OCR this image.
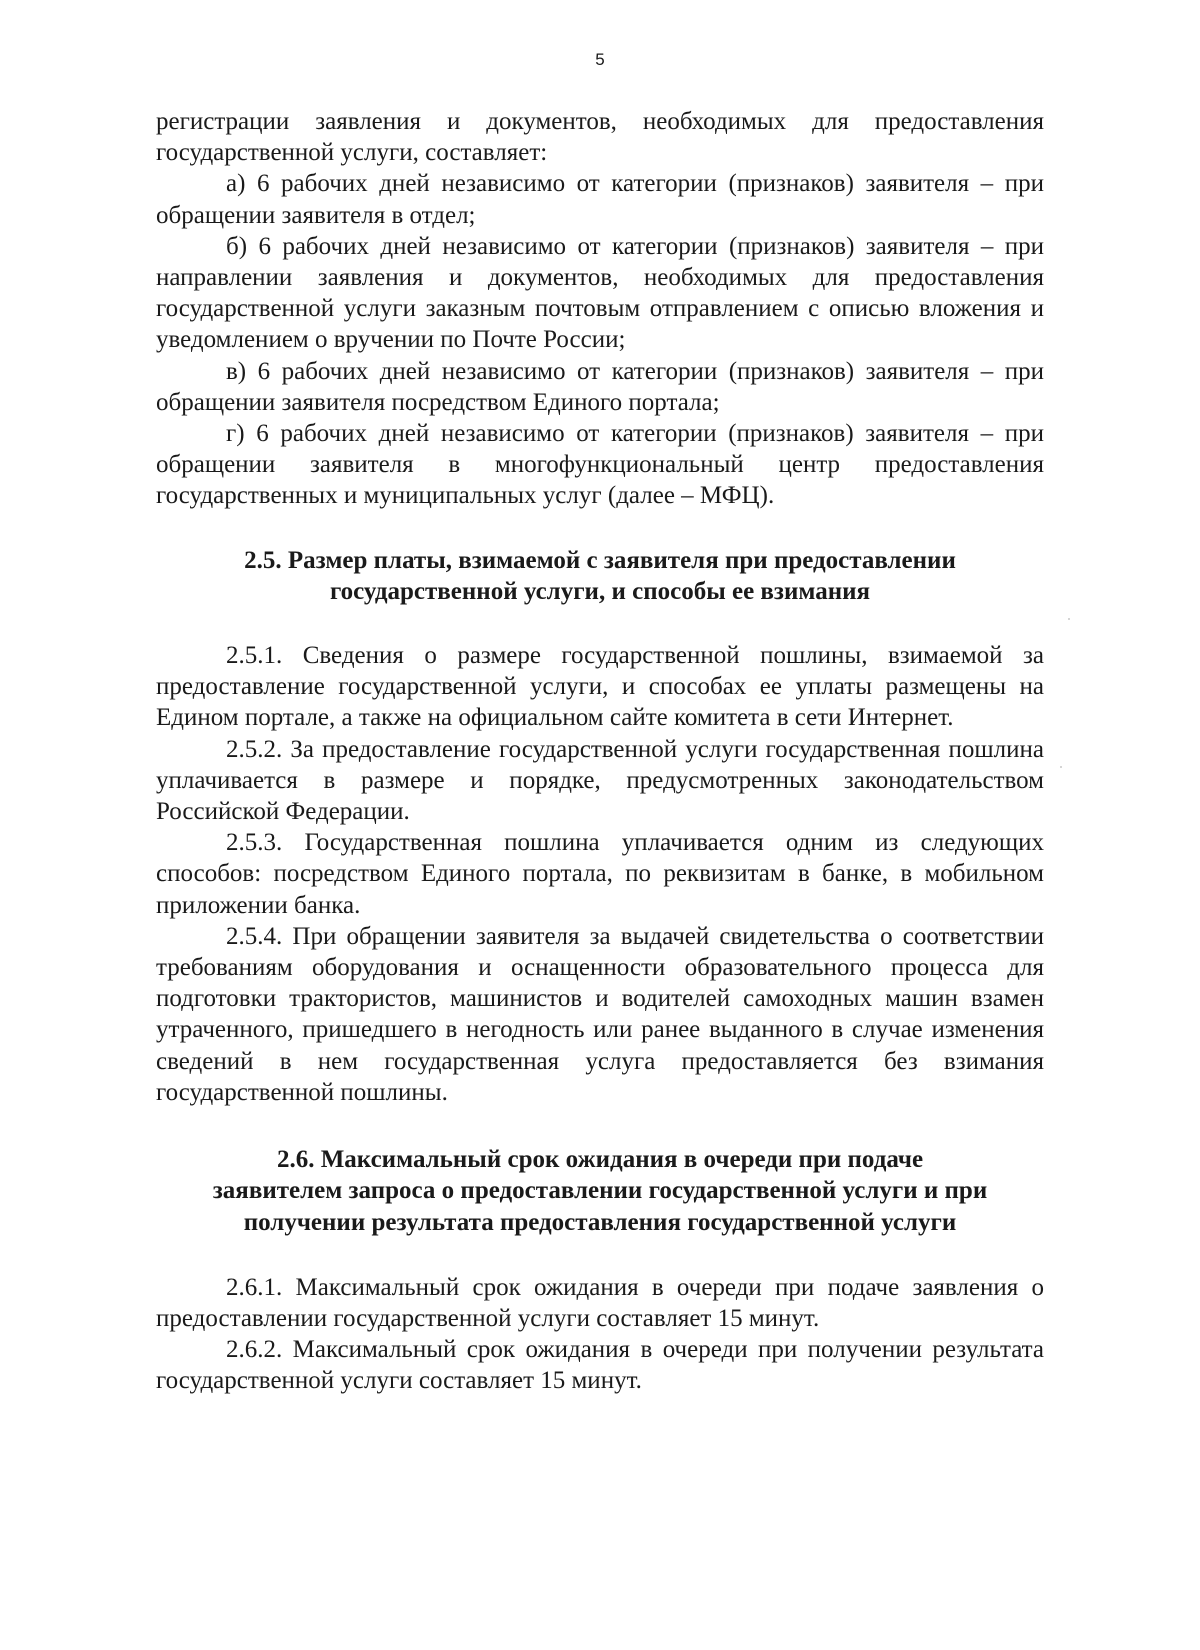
5

регистрации заявления и документов, необходимых для предоставления государственной услуги, составляет:

а) 6 рабочих дней независимо от категории (признаков) заявителя – при обращении заявителя в отдел;

б) 6 рабочих дней независимо от категории (признаков) заявителя – при направлении заявления и документов, необходимых для предоставления государственной услуги заказным почтовым отправлением с описью вложения и уведомлением о вручении по Почте России;

в) 6 рабочих дней независимо от категории (признаков) заявителя – при обращении заявителя посредством Единого портала;

г) 6 рабочих дней независимо от категории (признаков) заявителя – при обращении заявителя в многофункциональный центр предоставления государственных и муниципальных услуг (далее – МФЦ).

2.5. Размер платы, взимаемой с заявителя при предоставлении
государственной услуги, и способы ее взимания

2.5.1. Сведения о размере государственной пошлины, взимаемой за предоставление государственной услуги, и способах ее уплаты размещены на Едином портале, а также на официальном сайте комитета в сети Интернет.

2.5.2. За предоставление государственной услуги государственная пошлина уплачивается в размере и порядке, предусмотренных законодательством Российской Федерации.

2.5.3. Государственная пошлина уплачивается одним из следующих способов: посредством Единого портала, по реквизитам в банке, в мобильном приложении банка.

2.5.4. При обращении заявителя за выдачей свидетельства о соответствии требованиям оборудования и оснащенности образовательного процесса для подготовки трактористов, машинистов и водителей самоходных машин взамен утраченного, пришедшего в негодность или ранее выданного в случае изменения сведений в нем государственная услуга предоставляется без взимания государственной пошлины.

2.6. Максимальный срок ожидания в очереди при подаче
заявителем запроса о предоставлении государственной услуги и при
получении результата предоставления государственной услуги

2.6.1. Максимальный срок ожидания в очереди при подаче заявления о предоставлении государственной услуги составляет 15 минут.

2.6.2. Максимальный срок ожидания в очереди при получении результата государственной услуги составляет 15 минут.
